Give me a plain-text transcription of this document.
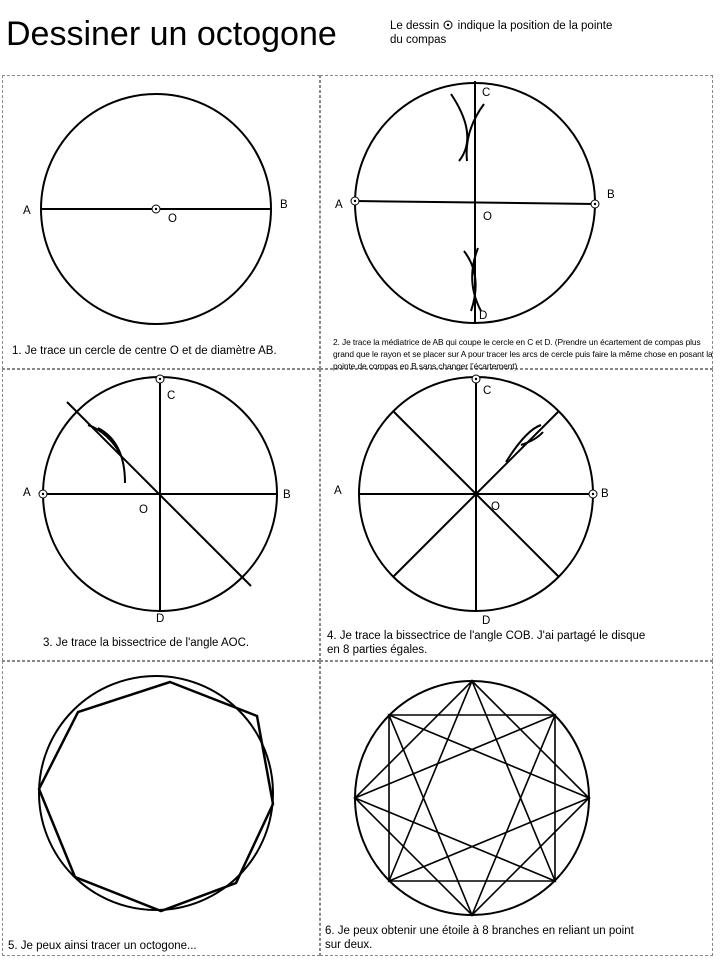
Dessiner un octogone	Le dessin indique la position de la pointe du compas
A	B
O
1. Je trace un cercle de centre O et de diamètre AB.
A
B
C
D
O
2. Je trace la médiatrice de AB qui coupe le cercle en C et D. (Prendre un écartement de compas plus grand que le rayon et se placer sur A pour tracer les arcs de cercle puis faire la même chose en posant la pointe de compas en B sans changer l’écartement)
A	B
C
D
O
3. Je trace la bissectrice de l'angle AOC.
A	B
C
D
O
4. Je trace la bissectrice de l'angle COB. J'ai partagé le disque en 8 parties égales.
5. Je peux ainsi tracer un octogone...
6. Je peux obtenir une étoile à 8 branches en reliant un point sur deux.
